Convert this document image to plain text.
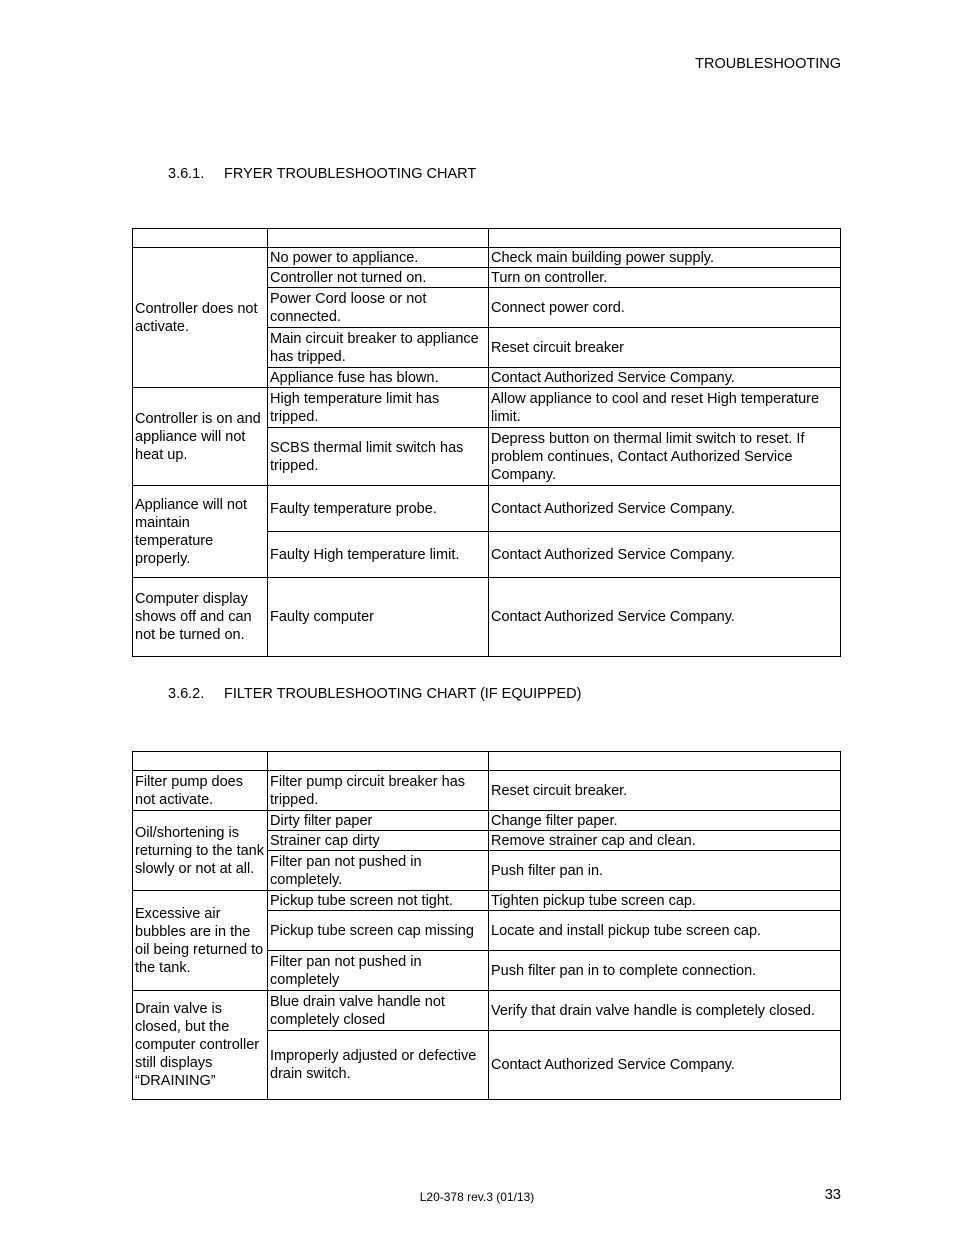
TROUBLESHOOTING
3.6.1. FRYER TROUBLESHOOTING CHART

Controller does not activate.	No power to appliance.	Check main building power supply.
	Controller not turned on.	Turn on controller.
	Power Cord loose or not connected.	Connect power cord.
	Main circuit breaker to appliance has tripped.	Reset circuit breaker
	Appliance fuse has blown.	Contact Authorized Service Company.
Controller is on and appliance will not heat up.	High temperature limit has tripped.	Allow appliance to cool and reset High temperature limit.
	SCBS thermal limit switch has tripped.	Depress button on thermal limit switch to reset. If problem continues, Contact Authorized Service Company.
Appliance will not maintain temperature properly.	Faulty temperature probe.	Contact Authorized Service Company.
	Faulty High temperature limit.	Contact Authorized Service Company.
Computer display shows off and can not be turned on.	Faulty computer	Contact Authorized Service Company.
3.6.2. FILTER TROUBLESHOOTING CHART (IF EQUIPPED)

Filter pump does not activate.	Filter pump circuit breaker has tripped.	Reset circuit breaker.
Oil/shortening is returning to the tank slowly or not at all.	Dirty filter paper	Change filter paper.
	Strainer cap dirty	Remove strainer cap and clean.
	Filter pan not pushed in completely.	Push filter pan in.
Excessive air bubbles are in the oil being returned to the tank.	Pickup tube screen not tight.	Tighten pickup tube screen cap.
	Pickup tube screen cap missing	Locate and install pickup tube screen cap.
	Filter pan not pushed in completely	Push filter pan in to complete connection.
Drain valve is closed, but the computer controller still displays “DRAINING”	Blue drain valve handle not completely closed	Verify that drain valve handle is completely closed.
	Improperly adjusted or defective drain switch.	Contact Authorized Service Company.
L20-378 rev.3 (01/13)	33
